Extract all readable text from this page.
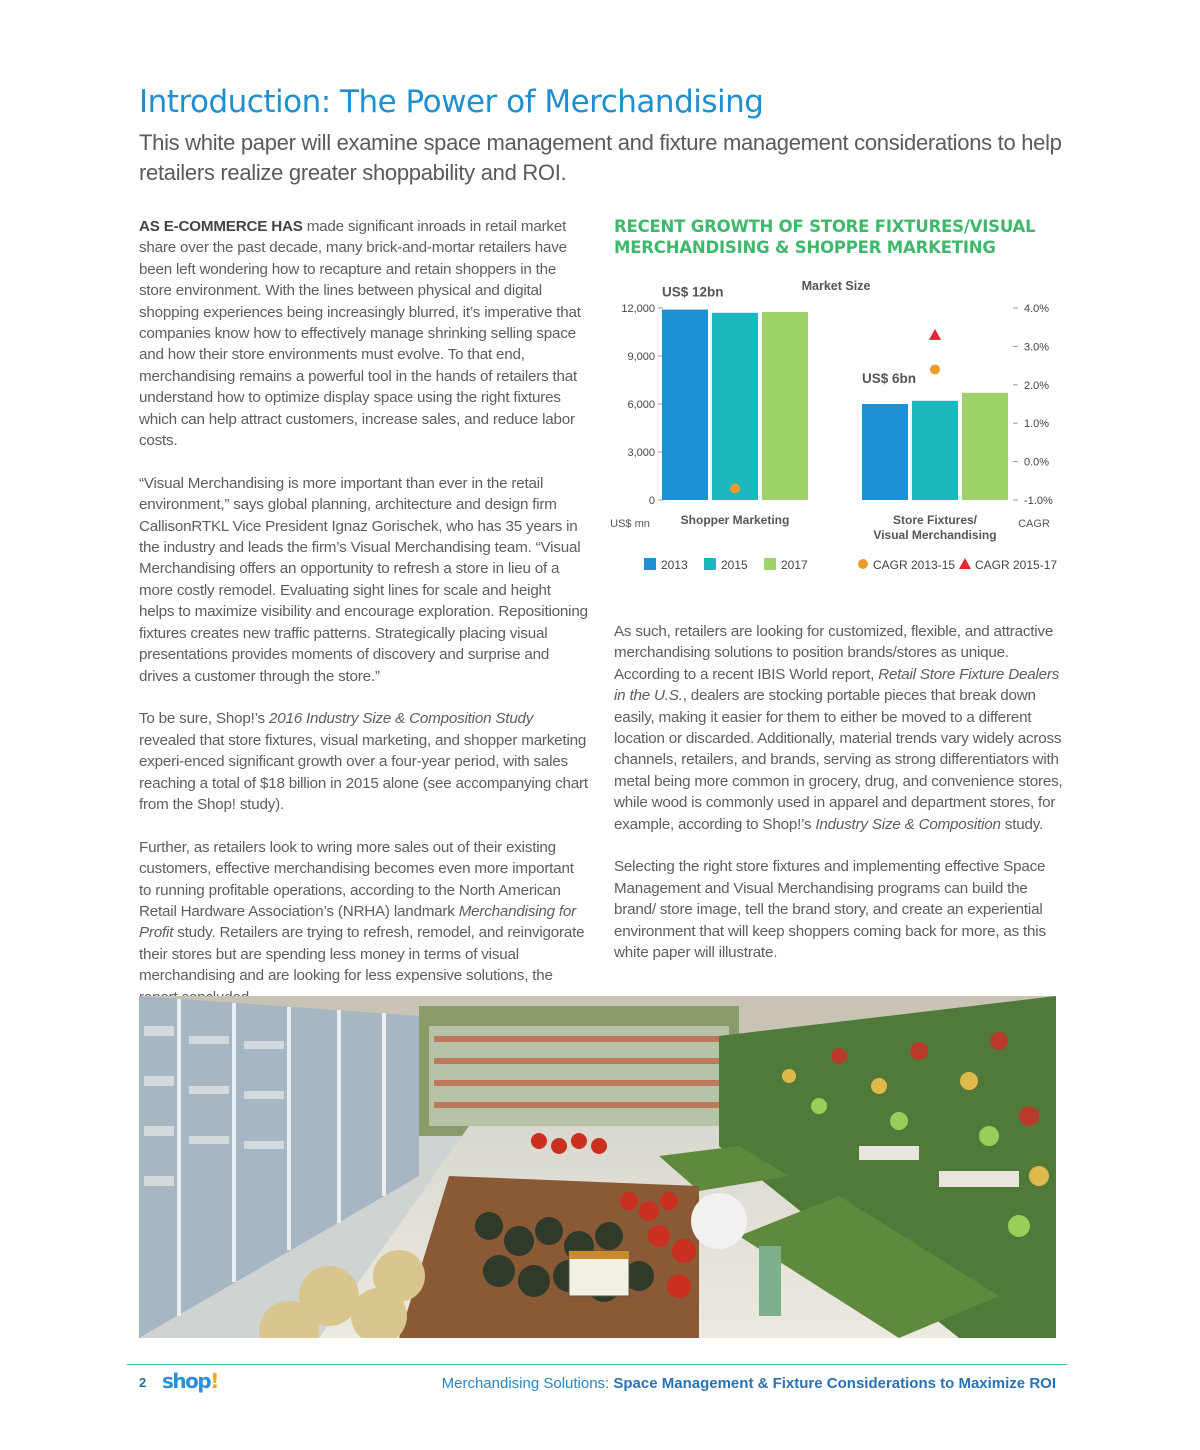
Introduction: The Power of Merchandising

This white paper will examine space management and fixture management considerations to help retailers realize greater shoppability and ROI.

AS E-COMMERCE HAS made significant inroads in retail market share over the past decade, many brick-and-mortar retailers have been left wondering how to recapture and retain shoppers in the store environment. With the lines between physical and digital shopping experiences being increasingly blurred, it’s imperative that companies know how to effectively manage shrinking selling space and how their store environments must evolve. To that end, merchandising remains a powerful tool in the hands of retailers that understand how to optimize display space using the right fixtures which can help attract customers, increase sales, and reduce labor costs.

“Visual Merchandising is more important than ever in the retail environment,” says global planning, architecture and design firm CallisonRTKL Vice President Ignaz Gorischek, who has 35 years in the industry and leads the firm’s Visual Merchandising team. “Visual Merchandising offers an opportunity to refresh a store in lieu of a more costly remodel. Evaluating sight lines for scale and height helps to maximize visibility and encourage exploration. Repositioning fixtures creates new traffic patterns. Strategically placing visual presentations provides moments of discovery and surprise and drives a customer through the store.”

To be sure, Shop!’s 2016 Industry Size & Composition Study revealed that store fixtures, visual marketing, and shopper marketing experi-enced significant growth over a four-year period, with sales reaching a total of $18 billion in 2015 alone (see accompanying chart from the Shop! study).

Further, as retailers look to wring more sales out of their existing customers, effective merchandising becomes even more important to running profitable operations, according to the North American Retail Hardware Association’s (NRHA) landmark Merchandising for Profit study. Retailers are trying to refresh, remodel, and reinvigorate their stores but are spending less money in terms of visual merchandising and are looking for less expensive solutions, the

RECENT GROWTH OF STORE FIXTURES/VISUAL MERCHANDISING & SHOPPER MARKETING
Market Size
0
3,000
6,000
9,000
12,000
US$ mn
-1.0%
0.0%
1.0%
2.0%
3.0%
4.0%
CAGR
US$ 12bn
Shopper Marketing
US$ 6bn
Store Fixtures/
Visual Merchandising
2013	2015	2017	CAGR 2013-15 CAGR 2015-17

As such, retailers are looking for customized, flexible, and attractive merchandising solutions to position brands/stores as unique. According to a recent IBIS World report, Retail Store Fixture Dealers in the U.S., dealers are stocking portable pieces that break down easily, making it easier for them to either be moved to a different location or discarded. Additionally, material trends vary widely across channels, retailers, and brands, serving as strong differentiators with metal being more common in grocery, drug, and convenience stores, while wood is commonly used in apparel and department stores, for example, according to Shop!’s Industry Size & Composition study.

Selecting the right store fixtures and implementing effective Space Management and Visual Merchandising programs can build the brand/ store image, tell the brand story, and create an experiential environment that will keep shoppers coming back for more, as this white paper will illustrate.

2 shop!	Merchandising Solutions: Space Management & Fixture Considerations to Maximize ROI
